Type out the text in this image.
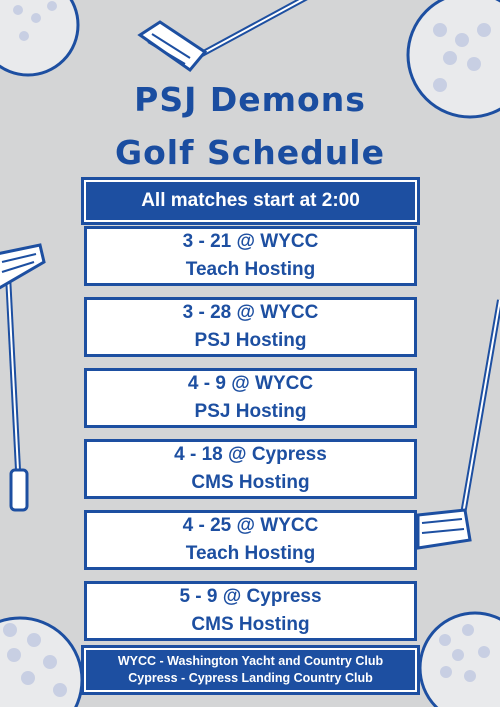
PSJ Demons
Golf Schedule
All matches start at 2:00
3 - 21 @ WYCC
Teach Hosting
3 - 28 @ WYCC
PSJ Hosting
4 - 9 @ WYCC
PSJ Hosting
4 - 18 @ Cypress
CMS Hosting
4 - 25 @ WYCC
Teach Hosting
5 - 9 @ Cypress
CMS Hosting
WYCC - Washington Yacht and Country Club
Cypress - Cypress Landing Country Club
